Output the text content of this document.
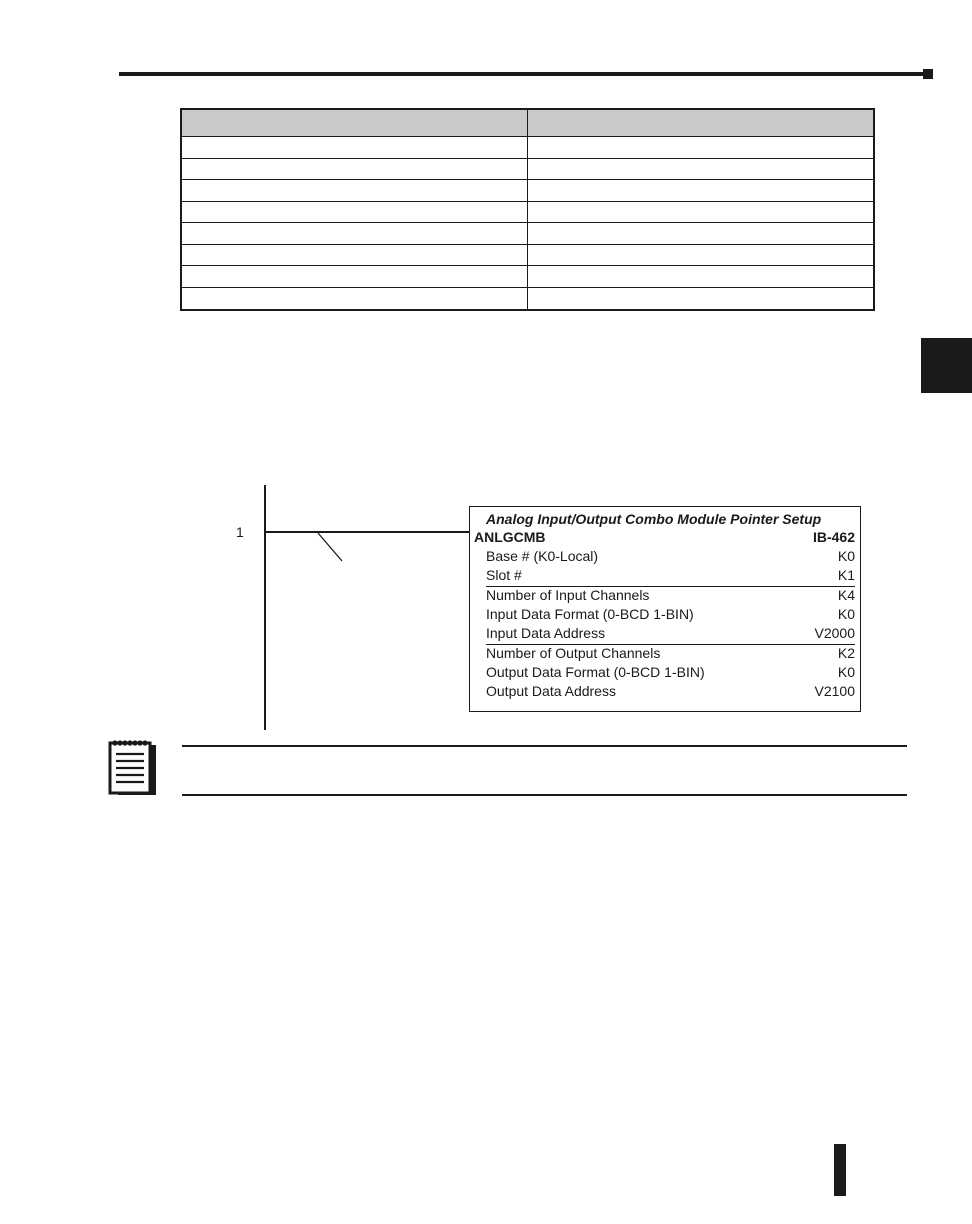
1
Analog Input/Output Combo Module Pointer Setup
ANLGCMB	IB-462
Base # (K0-Local)	K0
Slot #	K1
Number of Input Channels	K4
Input Data Format (0-BCD 1-BIN)	K0
Input Data Address	V2000
Number of Output Channels	K2
Output Data Format (0-BCD 1-BIN)	K0
Output Data Address	V2100
